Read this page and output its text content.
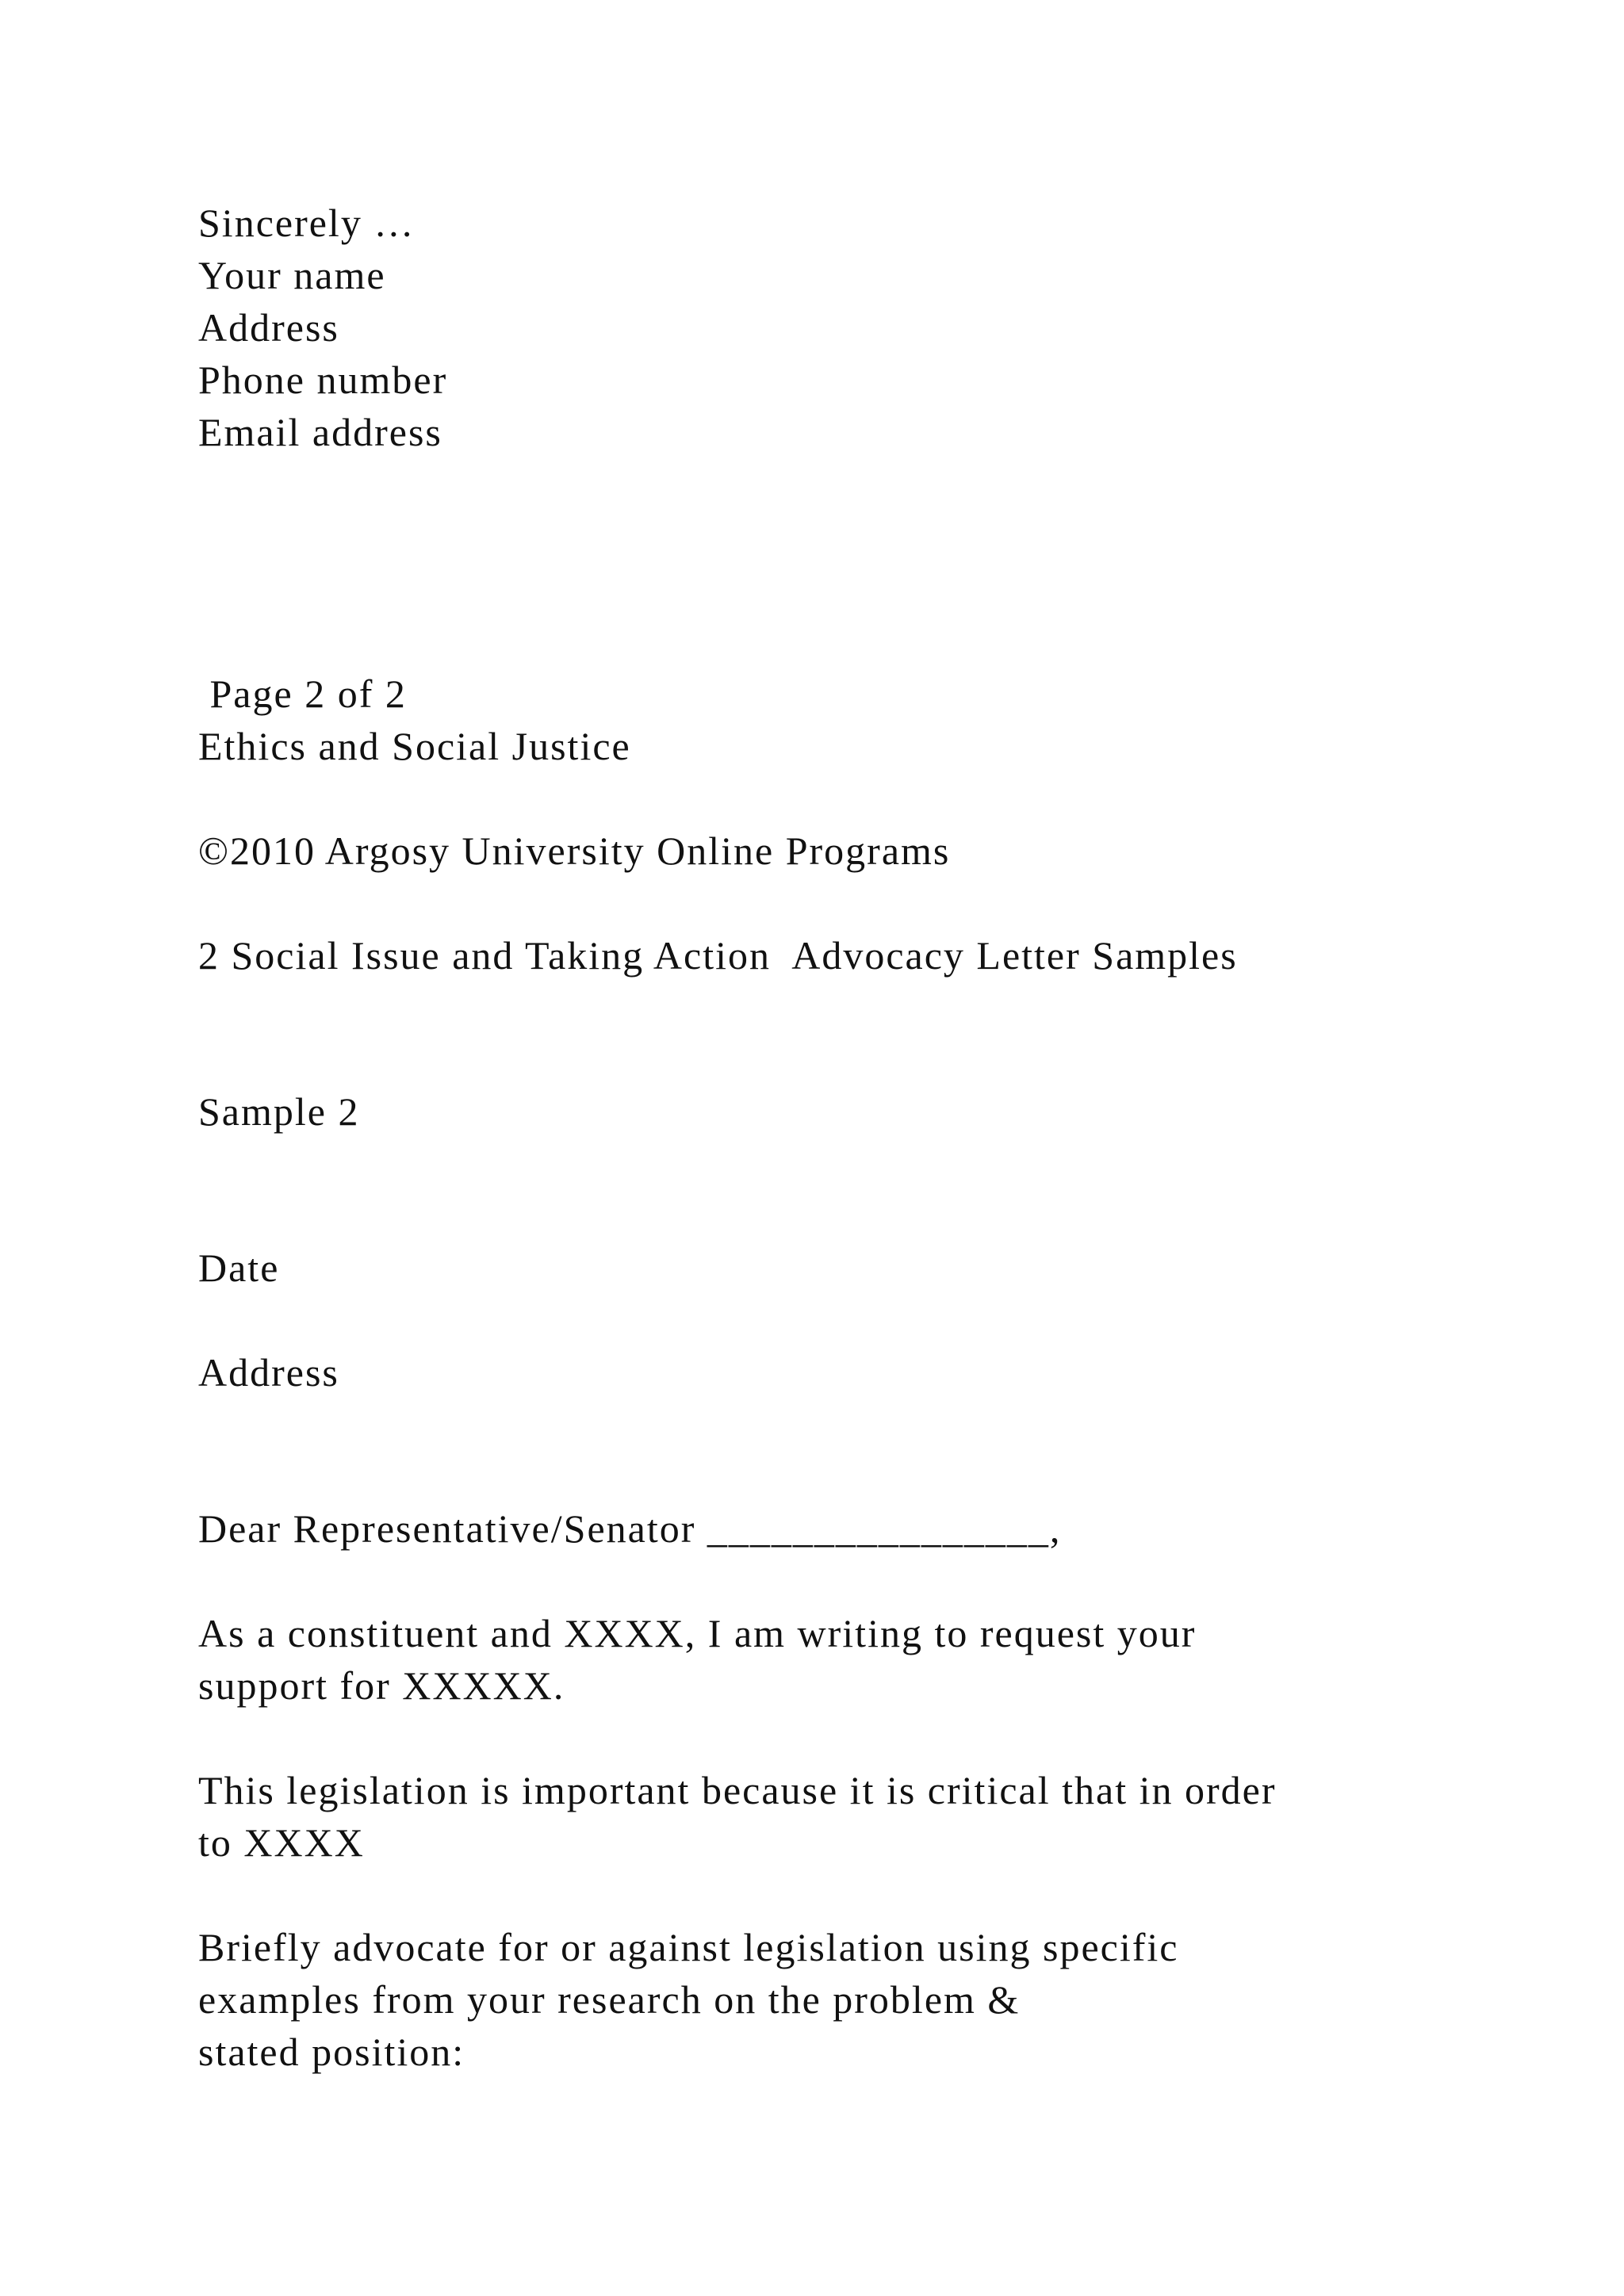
Sincerely …
Your name
Address
Phone number
Email address
Page 2 of 2
Ethics and Social Justice
©2010 Argosy University Online Programs
2 Social Issue and Taking Action  Advocacy Letter Samples
Sample 2
Date
Address
Dear Representative/Senator ________________,
As a constituent and XXXX, I am writing to request your
support for XXXXX.
This legislation is important because it is critical that in order
to XXXX
Briefly advocate for or against legislation using specific
examples from your research on the problem &
stated position:
